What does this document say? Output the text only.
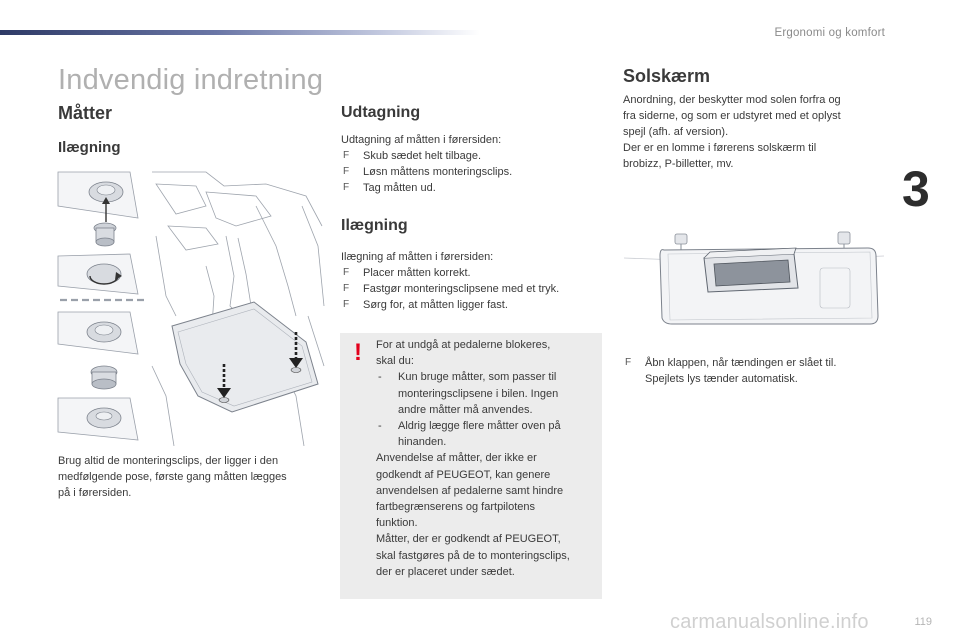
Ergonomi og komfort
3
Indvendig indretning
Måtter
Ilægning
Brug altid de monteringsclips, der ligger i den
medfølgende pose, første gang måtten lægges
på i førersiden.
Udtagning
Udtagning af måtten i førersiden:
F Skub sædet helt tilbage.
F Løsn måttens monteringsclips.
F Tag måtten ud.
Ilægning
Ilægning af måtten i førersiden:
F Placer måtten korrekt.
F Fastgør monteringsclipsene med et tryk.
F Sørg for, at måtten ligger fast.
! For at undgå at pedalerne blokeres,
skal du:
- Kun bruge måtter, som passer til
monteringsclipsene i bilen. Ingen
andre måtter må anvendes.
- Aldrig lægge flere måtter oven på
hinanden.
Anvendelse af måtter, der ikke er
godkendt af PEUGEOT, kan genere
anvendelsen af pedalerne samt hindre
fartbegrænserens og fartpilotens
funktion.
Måtter, der er godkendt af PEUGEOT,
skal fastgøres på de to monteringsclips,
der er placeret under sædet.
Solskærm
Anordning, der beskytter mod solen forfra og
fra siderne, og som er udstyret med et oplyst
spejl (afh. af version).
Der er en lomme i førerens solskærm til
brobizz, P-billetter, mv.
F Åbn klappen, når tændingen er slået til.
Spejlets lys tænder automatisk.
carmanualsonline.info	119
